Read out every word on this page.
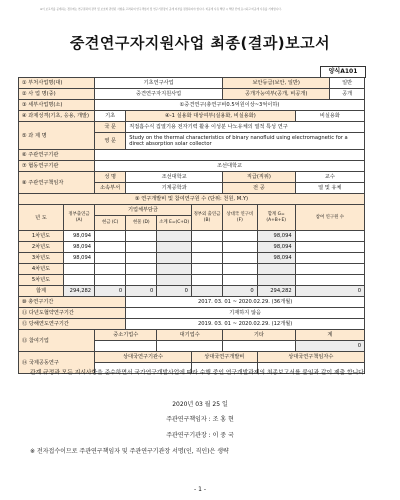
※이 보고서를 공개하는 경우에는 연구결과의 관리 및 보호와 관련된 사항을 고려하여 연구책임자 및 연구기관장이 공개 여부를 결정하여야 합니다. 비공개 사유 해당 시 해당 칸에 표시하고 비공개 사유를 기재합니다.
중견연구자지원사업 최종(결과)보고서
양식A101
① 부처사업명(대)		기초연구사업				보안등급(보안, 일반)			일반
② 사 업 명(중)		중견연구자지원사업				공개가능여부(공개, 비공개)			공개
③ 세부사업명(소)		①중견연구(총연구비0.5억원이상~3억이하)							
④ 과제성격(기초, 응용, 개발)		기초	④-1 실용화 대상여부(실용화, 비실용화)					비실용화	
⑤ 과 제 명		국 문	직접흡수식 집열기용 전자기력 활용 이성분 나노유체의 열적 특성 연구						
		영 문	Study on the thermal characteristics of binary nanofluid using electromagnetic for a direct absorption solar collector						
⑥ 주관연구기관									
⑦ 협동연구기관		조선대학교							
⑧ 주관연구책임자		성 명	조선대학교			직급(직위)		교수	
		소속부서	기계공학과			전 공		열 및 유체	
⑨ 연구개발비 및 참여연구원 수 (단위: 천원, M.Y)									
년 도	정부출연금 (A)	기업체부담금			정부외 출연금 (B)	상대국 연구비 (F)	합계 G=(A+B+E)	참여 연구원 수	
		현금 (C)	현물 (D)	소계 E=(C+D)					
1차년도	98,094						98,094		
2차년도	98,094						98,094		
3차년도	98,094						98,094		
4차년도									
5차년도									
합계	294,282	0	0	0		0	294,282	0	
⑩ 총연구기간			2017. 03. 01 ~ 2020.02.29. (36개월)						
⑪ 다년도협약연구기간			기재하지 않음						
⑫ 당해연도연구기간			2019. 03. 01 ~ 2020.02.29. (12개월)						
⑬ 참여기업		중소기업수		대기업수		기타		계	
								0	
⑭ 국제공동연구		상대국연구기관수			상대국연구개발비		상대국연구책임자수		

관계 규정과 모든 지시사항을 준수하면서 국가연구개발사업에 따라 수행 중인 연구개발과제의 최종보고서를 붙임과 같이 제출 합니다.
2020년 03 월 25 일
주관연구책임자 : 조 홍 현
주관연구기관장 : 이 중 국
※ 전자접수이므로 주관연구책임자 및 주관연구기관장 서명(인, 직인)은 생략
- 1 -
